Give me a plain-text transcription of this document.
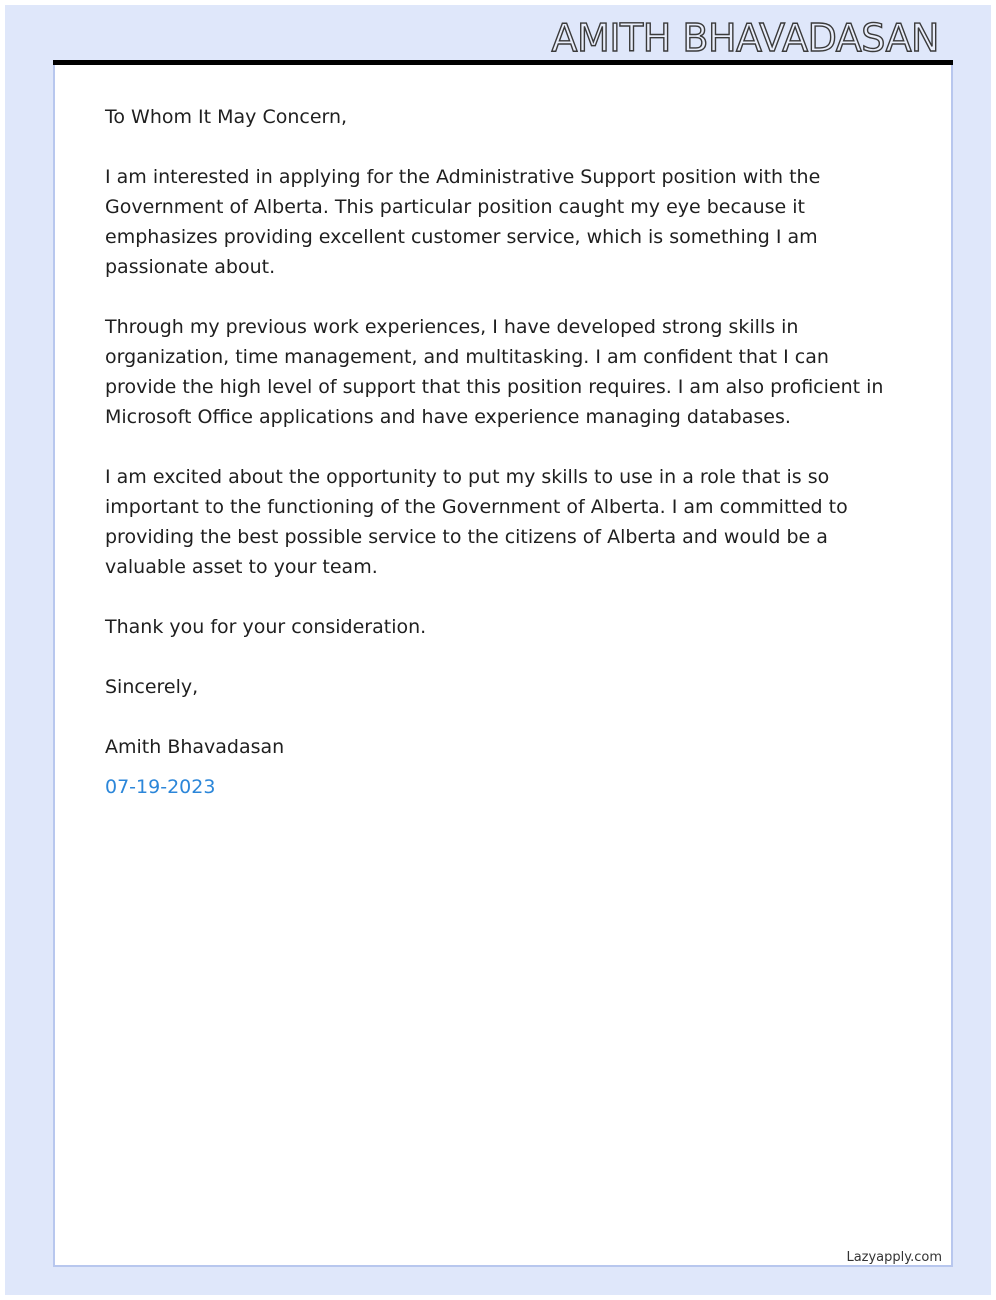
AMITH BHAVADASAN

To Whom It May Concern,

I am interested in applying for the Administrative Support position with the Government of Alberta. This particular position caught my eye because it emphasizes providing excellent customer service, which is something I am passionate about.

Through my previous work experiences, I have developed strong skills in organization, time management, and multitasking. I am confident that I can provide the high level of support that this position requires. I am also proficient in Microsoft Office applications and have experience managing databases.

I am excited about the opportunity to put my skills to use in a role that is so important to the functioning of the Government of Alberta. I am committed to providing the best possible service to the citizens of Alberta and would be a valuable asset to your team.

Thank you for your consideration.

Sincerely,

Amith Bhavadasan

07-19-2023

Lazyapply.com
